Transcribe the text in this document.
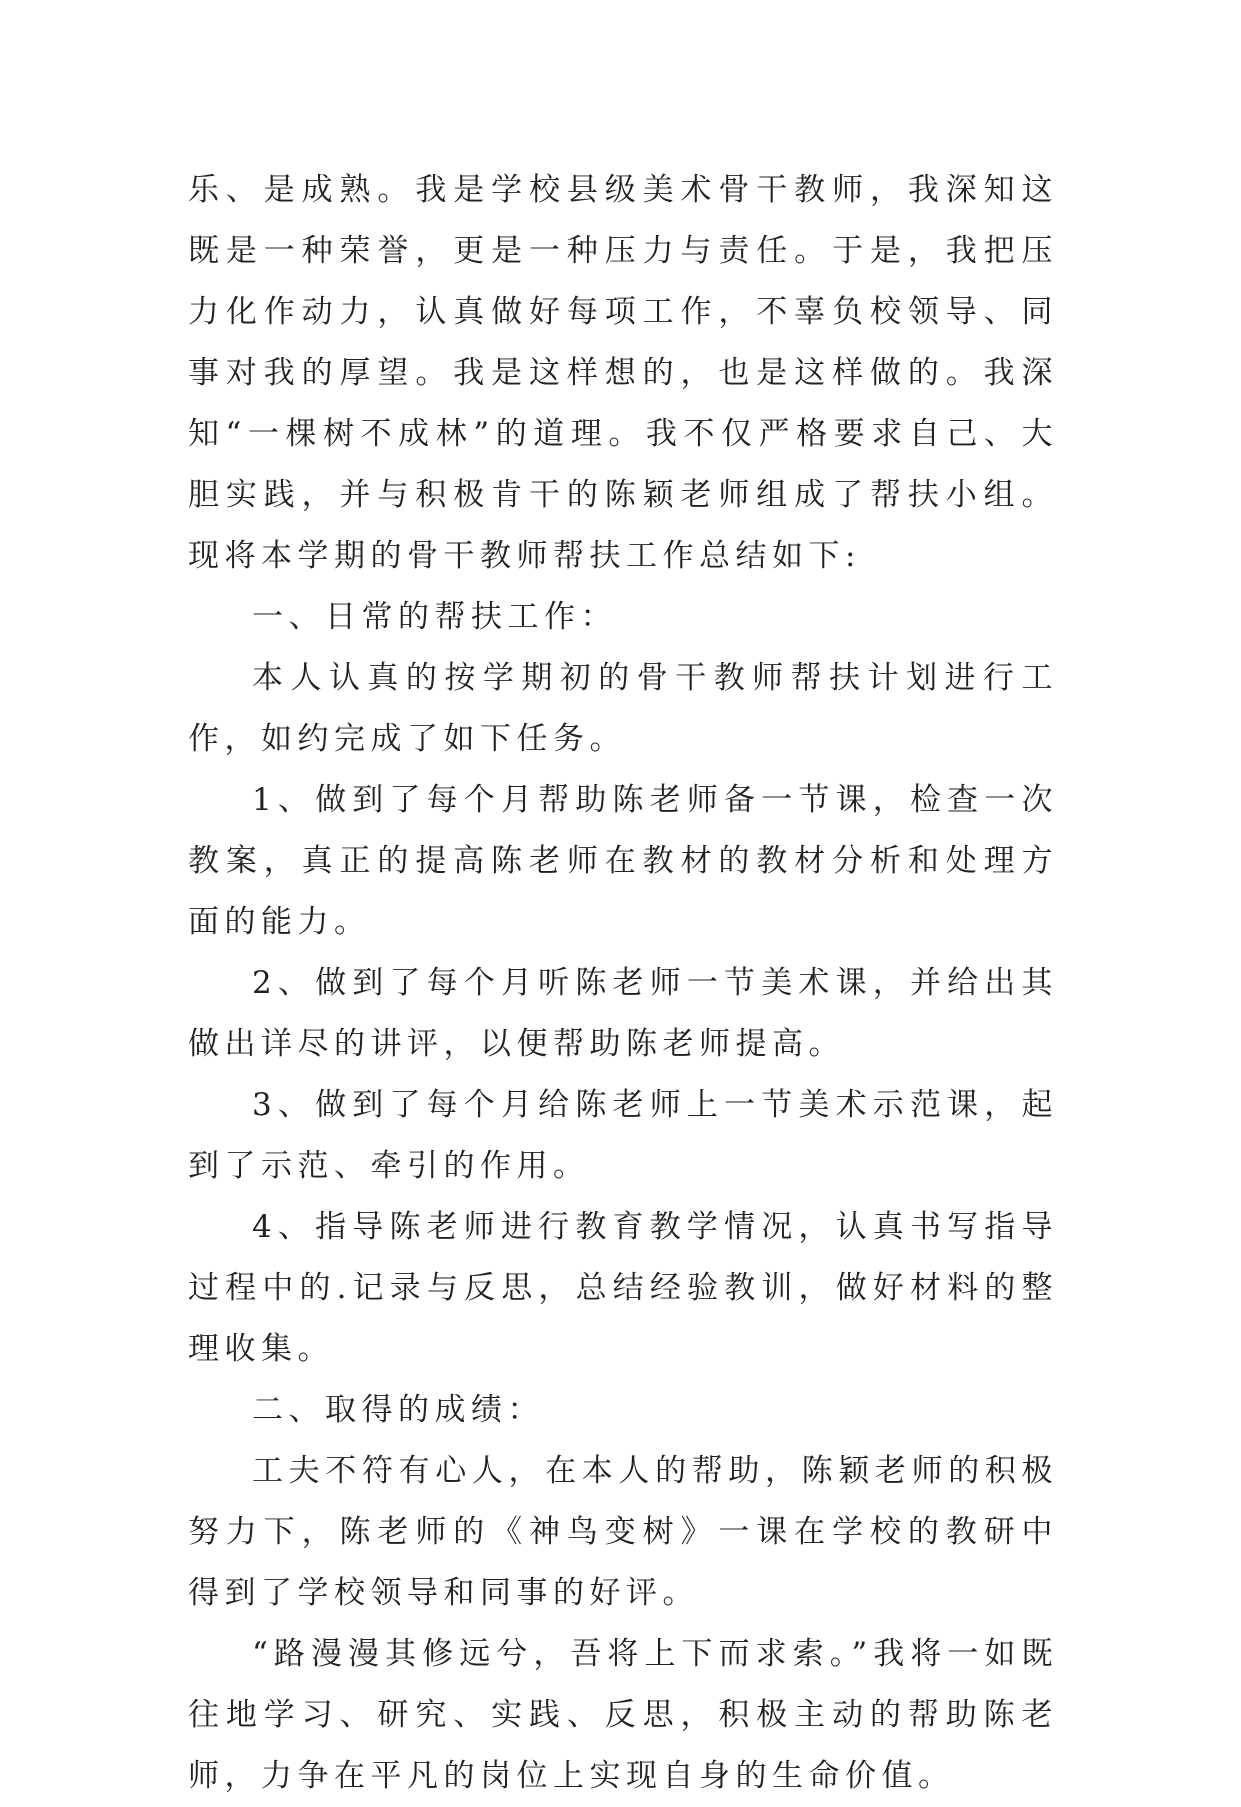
乐、是成熟。我是学校县级美术骨干教师，我深知这既是一种荣誉，更是一种压力与责任。于是，我把压力化作动力，认真做好每项工作，不辜负校领导、同事对我的厚望。我是这样想的，也是这样做的。我深知“一棵树不成林”的道理。我不仅严格要求自己、大胆实践，并与积极肯干的陈颖老师组成了帮扶小组。现将本学期的骨干教师帮扶工作总结如下:

一、日常的帮扶工作：

本人认真的按学期初的骨干教师帮扶计划进行工作，如约完成了如下任务。

1、做到了每个月帮助陈老师备一节课，检查一次教案，真正的提高陈老师在教材的教材分析和处理方面的能力。

2、做到了每个月听陈老师一节美术课，并给出其做出详尽的讲评，以便帮助陈老师提高。

3、做到了每个月给陈老师上一节美术示范课，起到了示范、牵引的作用。

4、指导陈老师进行教育教学情况，认真书写指导过程中的.记录与反思，总结经验教训，做好材料的整理收集。

二、取得的成绩：

工夫不符有心人，在本人的帮助，陈颖老师的积极努力下，陈老师的《神鸟变树》一课在学校的教研中得到了学校领导和同事的好评。

“路漫漫其修远兮，吾将上下而求索。”我将一如既往地学习、研究、实践、反思，积极主动的帮助陈老师，力争在平凡的岗位上实现自身的生命价值。
